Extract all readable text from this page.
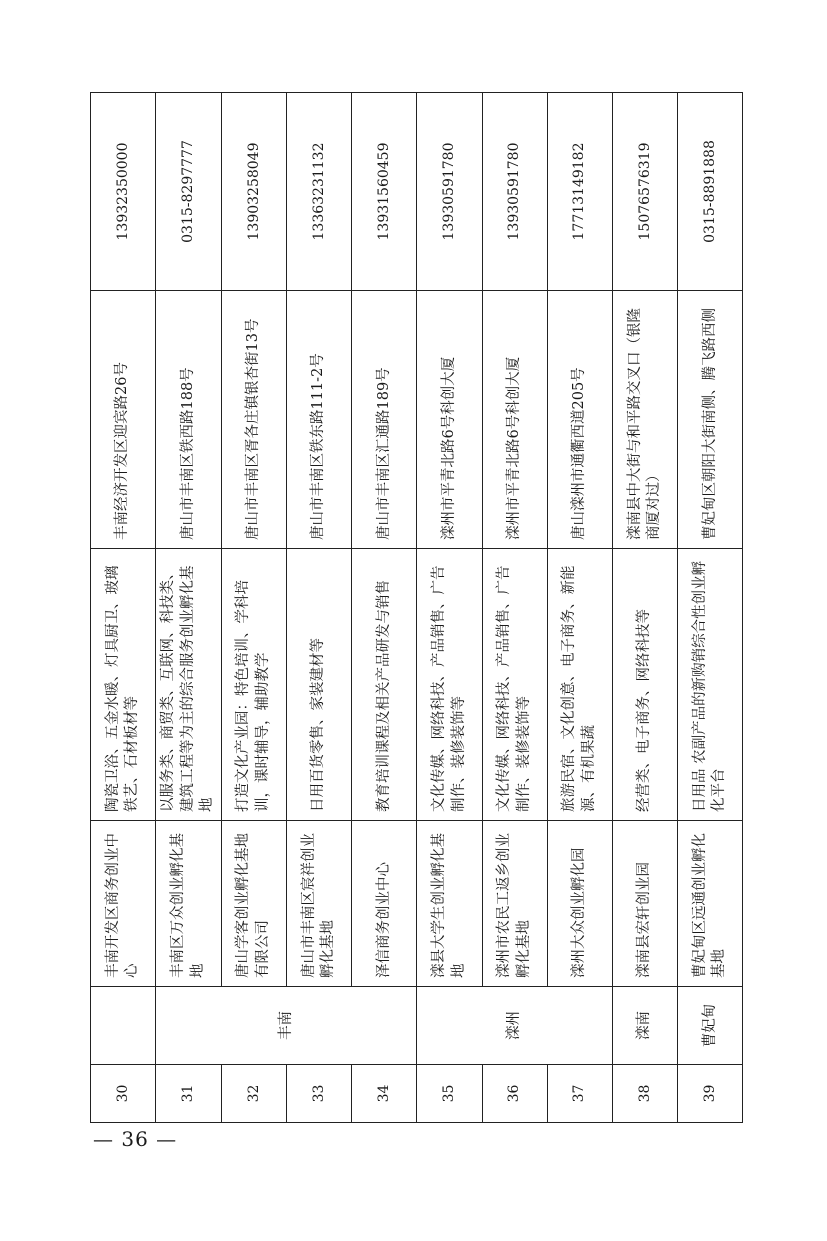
30		丰南开发区商务创业中心	陶瓷卫浴、五金水暖、灯具厨卫、玻璃铁艺、石材板材等	丰南经济开发区迎宾路26号	13932350000
31	丰南	丰南区万众创业孵化基地	以服务类、商贸类、互联网、科技类、建筑工程等为主的综合服务创业孵化基地	唐山市丰南区铁西路188号	0315-8297777
32		唐山学客创业孵化基地有限公司	打造文化产业园：特色培训、学科培训，课时辅导，辅助教学	唐山市丰南区胥各庄镇银杏街13号	13903258049
33		唐山市丰南区宸祥创业孵化基地	日用百货零售、家装建材等	唐山市丰南区铁东路111-2号	13363231132
34		泽信商务创业中心	教育培训课程及相关产品研发与销售	唐山市丰南区汇通路189号	13931560459
35	滦州	滦县大学生创业孵化基地	文化传媒、网络科技、产品销售、广告制作、装修装饰等	滦州市平青北路6号科创大厦	13930591780
36		滦州市农民工返乡创业孵化基地	文化传媒、网络科技、产品销售、广告制作、装修装饰等	滦州市平青北路6号科创大厦	13930591780
37		滦州大众创业孵化园	旅游民宿、文化创意、电子商务、新能源、有机果蔬	唐山滦州市通衢西道205号	17713149182
38	滦南	滦南县宏轩创业园	经营类、电子商务、网络科技等	滦南县中大街与和平路交叉口（银隆商厦对过）	15076576319
39	曹妃甸	曹妃甸区远通创业孵化基地	日用品 农副产品的新购销综合性创业孵化平台	曹妃甸区朝阳大街南侧、腾飞路西侧	0315-8891888
— 36 —
